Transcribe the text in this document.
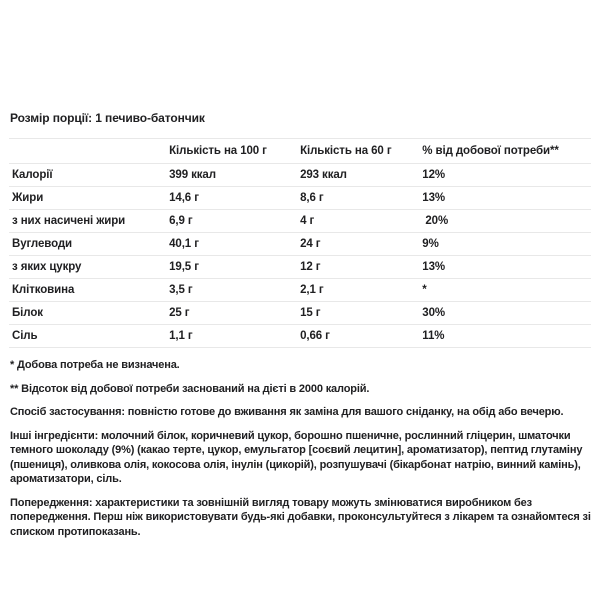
Розмір порції: 1 печиво-батончик

	Кількість на 100 г	Кількість на 60 г	% від добової потреби**
Калорії	399 ккал	293 ккал	12%
Жири	14,6 г	8,6 г	13%
з них насичені жири	6,9 г	4 г	20%
Вуглеводи	40,1 г	24 г	9%
з яких цукру	19,5 г	12 г	13%
Клітковина	3,5 г	2,1 г	*
Білок	25 г	15 г	30%
Сіль	1,1 г	0,66 г	11%

* Добова потреба не визначена.

** Відсоток від добової потреби заснований на дієті в 2000 калорій.

Спосіб застосування: повністю готове до вживання як заміна для вашого сніданку, на обід або вечерю.

Інші інгредієнти: молочний білок, коричневий цукор, борошно пшеничне, рослинний гліцерин, шматочки темного шоколаду (9%) (какао терте, цукор, емульгатор [соєвий лецитин], ароматизатор), пептид глутаміну (пшениця), оливкова олія, кокосова олія, інулін (цикорій), розпушувачі (бікарбонат натрію, винний камінь), ароматизатори, сіль.

Попередження: характеристики та зовнішній вигляд товару можуть змінюватися виробником без попередження. Перш ніж використовувати будь-які добавки, проконсультуйтеся з лікарем та ознайомтеся зі списком протипоказань.
